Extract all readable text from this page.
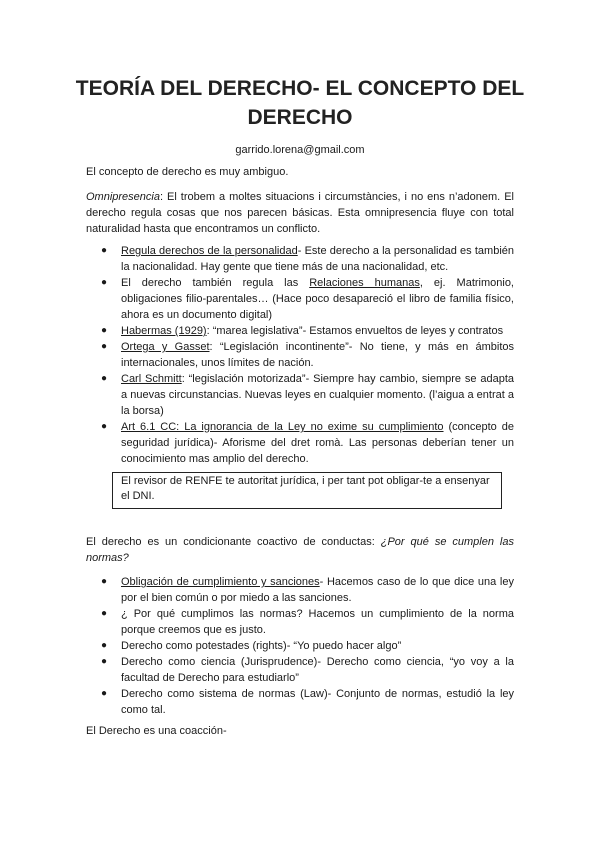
TEORÍA DEL DERECHO- EL CONCEPTO DEL DERECHO
garrido.lorena@gmail.com
El concepto de derecho es muy ambiguo.
Omnipresencia: El trobem a moltes situacions i circumstàncies, i no ens n’adonem. El derecho regula cosas que nos parecen básicas. Esta omnipresencia fluye con total naturalidad hasta que encontramos un conflicto.
● Regula derechos de la personalidad- Este derecho a la personalidad es también la nacionalidad. Hay gente que tiene más de una nacionalidad, etc.
● El derecho también regula las Relaciones humanas, ej. Matrimonio, obligaciones filio-parentales… (Hace poco desapareció el libro de familia físico, ahora es un documento digital)
● Habermas (1929): “marea legislativa”- Estamos envueltos de leyes y contratos
● Ortega y Gasset: “Legislación incontinente”- No tiene, y más en ámbitos internacionales, unos límites de nación.
● Carl Schmitt: “legislación motorizada”- Siempre hay cambio, siempre se adapta a nuevas circunstancias. Nuevas leyes en cualquier momento. (l’aigua a entrat a la borsa)
● Art 6.1 CC: La ignorancia de la Ley no exime su cumplimiento (concepto de seguridad jurídica)- Aforisme del dret romà. Las personas deberían tener un conocimiento mas amplio del derecho.
El revisor de RENFE te autoritat jurídica, i per tant pot obligar-te a ensenyar el DNI.
El derecho es un condicionante coactivo de conductas: ¿Por qué se cumplen las normas?
● Obligación de cumplimiento y sanciones- Hacemos caso de lo que dice una ley por el bien común o por miedo a las sanciones.
● ¿ Por qué cumplimos las normas? Hacemos un cumplimiento de la norma porque creemos que es justo.
● Derecho como potestades (rights)- “Yo puedo hacer algo”
● Derecho como ciencia (Jurisprudence)- Derecho como ciencia, “yo voy a la facultad de Derecho para estudiarlo”
● Derecho como sistema de normas (Law)- Conjunto de normas, estudió la ley como tal.
El Derecho es una coacción-
